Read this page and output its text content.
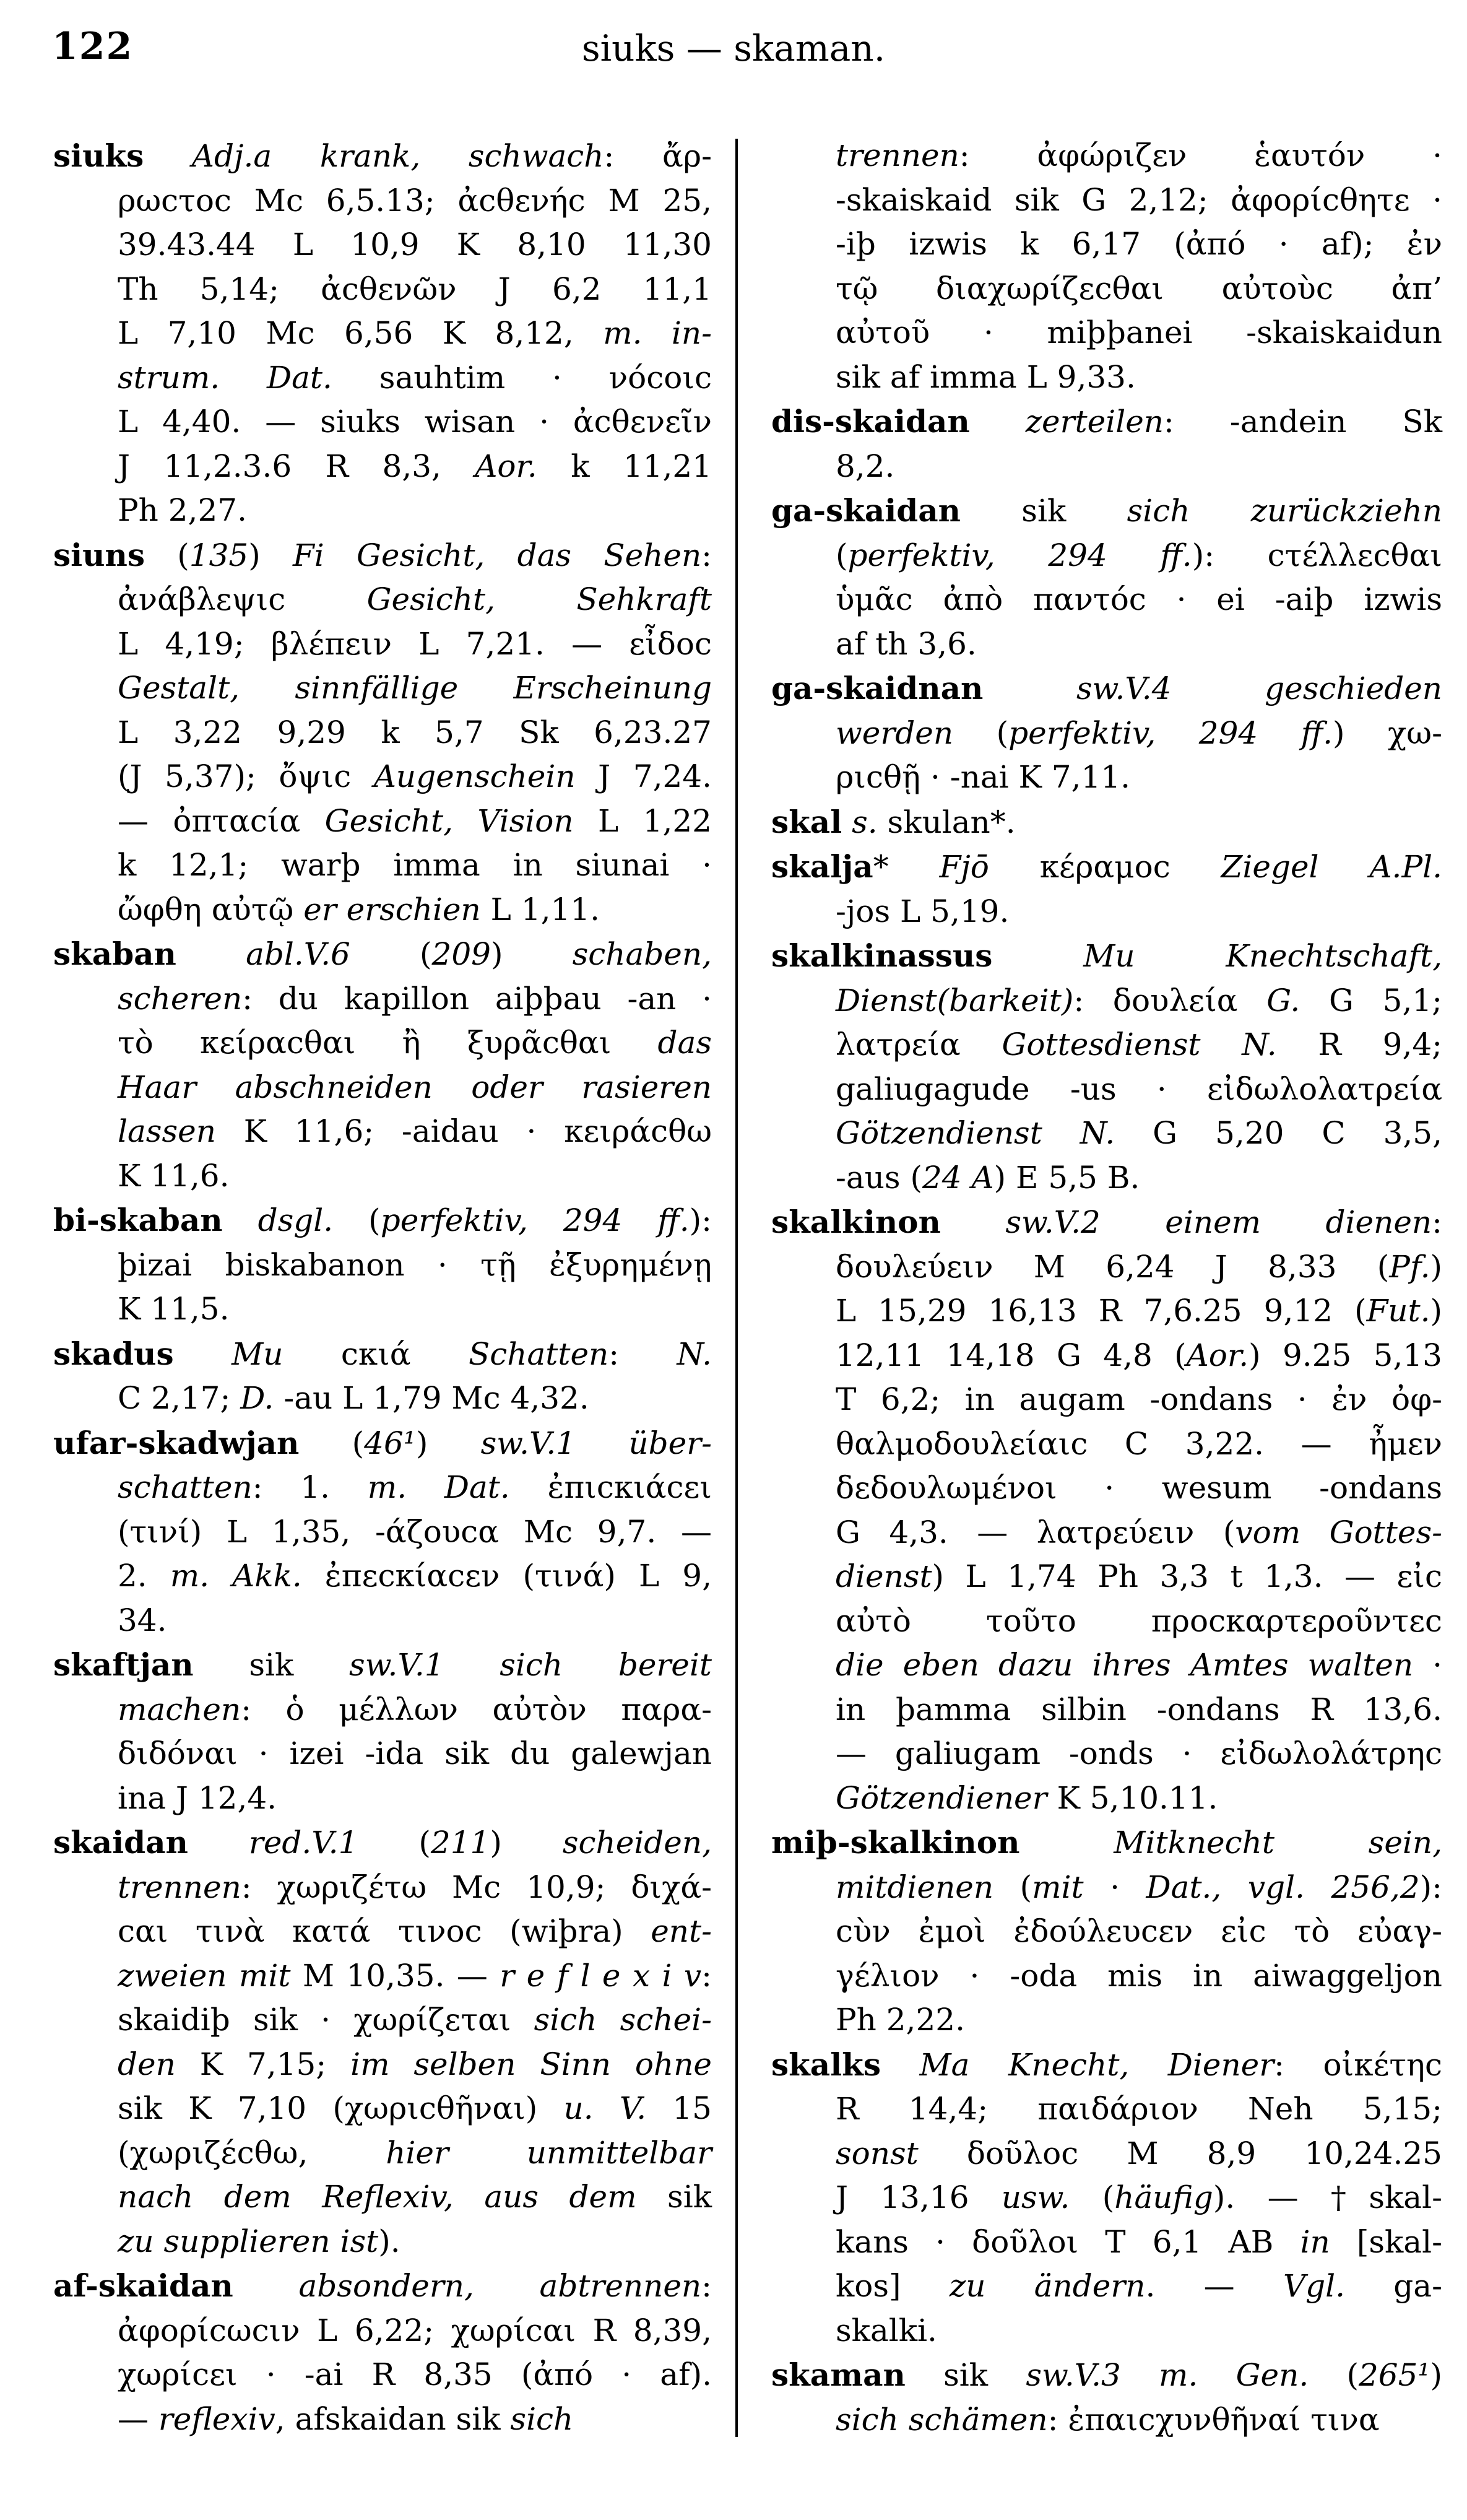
122	siuks — skaman.
siuks Adj.a krank, schwach: ἄρ-
ρωcτοc Mc 6,5.13; ἀcθενήc M 25,
39.43.44 L 10,9 K 8,10 11,30
Th 5,14; ἀcθενῶν J 6,2 11,1
L 7,10 Mc 6,56 K 8,12, m. in-
strum. Dat. sauhtim · νόcοιc
L 4,40. — siuks wisan · ἀcθενεῖν
J 11,2.3.6 R 8,3, Aor. k 11,21
Ph 2,27.
siuns (135) Fi Gesicht, das Sehen:
ἀνάβλεψιc Gesicht, Sehkraft
L 4,19; βλέπειν L 7,21. — εἶδοc
Gestalt, sinnfällige Erscheinung
L 3,22 9,29 k 5,7 Sk 6,23.27
(J 5,37); ὄψιc Augenschein J 7,24.
— ὀπταcία Gesicht, Vision L 1,22
k 12,1; warþ imma in siunai ·
ὤφθη αὐτῷ er erschien L 1,11.
skaban abl.V.6 (209) schaben,
scheren: du kapillon aiþþau -an ·
τὸ κείραcθαι ἢ ξυρᾶcθαι das
Haar abschneiden oder rasieren
lassen K 11,6; -aidau · κειράcθω
K 11,6.
bi-skaban dsgl. (perfektiv, 294 ff.):
þizai biskabanon · τῇ ἐξυρημένῃ
K 11,5.
skadus Mu cκιά Schatten: N.
C 2,17; D. -au L 1,79 Mc 4,32.
ufar-skadwjan (46¹) sw.V.1 über-
schatten: 1. m. Dat. ἐπιcκιάcει
(τινί) L 1,35, -άζουcα Mc 9,7. —
2. m. Akk. ἐπεcκίαcεν (τινά) L 9,
34.
skaftjan sik sw.V.1 sich bereit
machen: ὁ μέλλων αὐτὸν παρα-
διδόναι · izei -ida sik du galewjan
ina J 12,4.
skaidan red.V.1 (211) scheiden,
trennen: χωριζέτω Mc 10,9; διχά-
cαι τινὰ κατά τινοc (wiþra) ent-
zweien mit M 10,35. — r e f l e x i v:
skaidiþ sik · χωρίζεται sich schei-
den K 7,15; im selben Sinn ohne
sik K 7,10 (χωριcθῆναι) u. V. 15
(χωριζέcθω, hier unmittelbar
nach dem Reflexiv, aus dem sik
zu supplieren ist).
af-skaidan absondern, abtrennen:
ἀφορίcωcιν L 6,22; χωρίcαι R 8,39,
χωρίcει · -ai R 8,35 (ἀπό · af).
— reflexiv, afskaidan sik sich
trennen: ἀφώριζεν ἑαυτόν ·
-skaiskaid sik G 2,12; ἀφορίcθητε ·
-iþ izwis k 6,17 (ἀπό · af); ἐν
τῷ διαχωρίζεcθαι αὐτοὺc ἀπ’
αὐτοῦ · miþþanei -skaiskaidun
sik af imma L 9,33.
dis-skaidan zerteilen: -andein Sk
8,2.
ga-skaidan sik sich zurückziehn
(perfektiv, 294 ff.): cτέλλεcθαι
ὑμᾶc ἀπὸ παντόc · ei -aiþ izwis
af th 3,6.
ga-skaidnan	sw.V.4 geschieden
werden (perfektiv, 294 ff.) χω-
ριcθῇ · -nai K 7,11.
skal s. skulan*.
skalja* Fjō κέραμοc Ziegel A.Pl.
-jos L 5,19.
skalkinassus	Mu	Knechtschaft,
Dienst(barkeit): δουλεία G. G 5,1;
λατρεία Gottesdienst N. R 9,4;
galiugagude -us · εἰδωλολατρεία
Götzendienst N. G 5,20 C 3,5,
-aus (24 A) E 5,5 B.
skalkinon sw.V.2 einem dienen:
δουλεύειν M 6,24 J 8,33 (Pf.)
L 15,29 16,13 R 7,6.25 9,12 (Fut.)
12,11 14,18 G 4,8 (Aor.) 9.25 5,13
T 6,2; in augam -ondans · ἐν ὀφ-
θαλμοδουλείαιc C 3,22. — ἦμεν
δεδουλωμένοι · wesum -ondans
G 4,3. — λατρεύειν (vom Gottes-
dienst) L 1,74 Ph 3,3 t 1,3. — εἰc
αὐτὸ τοῦτο προcκαρτεροῦντεc
die eben dazu ihres Amtes walten ·
in þamma silbin -ondans R 13,6.
— galiugam -onds · εἰδωλολάτρηc
Götzendiener K 5,10.11.
miþ-skalkinon	Mitknecht sein,
mitdienen (mit · Dat., vgl. 256,2):
cὺν ἐμοὶ ἐδούλευcεν εἰc τὸ εὐαγ-
γέλιον · -oda mis in aiwaggeljon
Ph 2,22.
skalks Ma Knecht, Diener: οἰκέτηc
R 14,4; παιδάριον Neh 5,15;
sonst δοῦλοc M 8,9 10,24.25
J 13,16 usw. (häufig). — †skal-
kans · δοῦλοι T 6,1 AB in [skal-
kos] zu ändern. — Vgl. ga-
skalki.
skaman sik sw.V.3 m. Gen. (265¹)
sich schämen: ἐπαιcχυνθῆναί τινα
